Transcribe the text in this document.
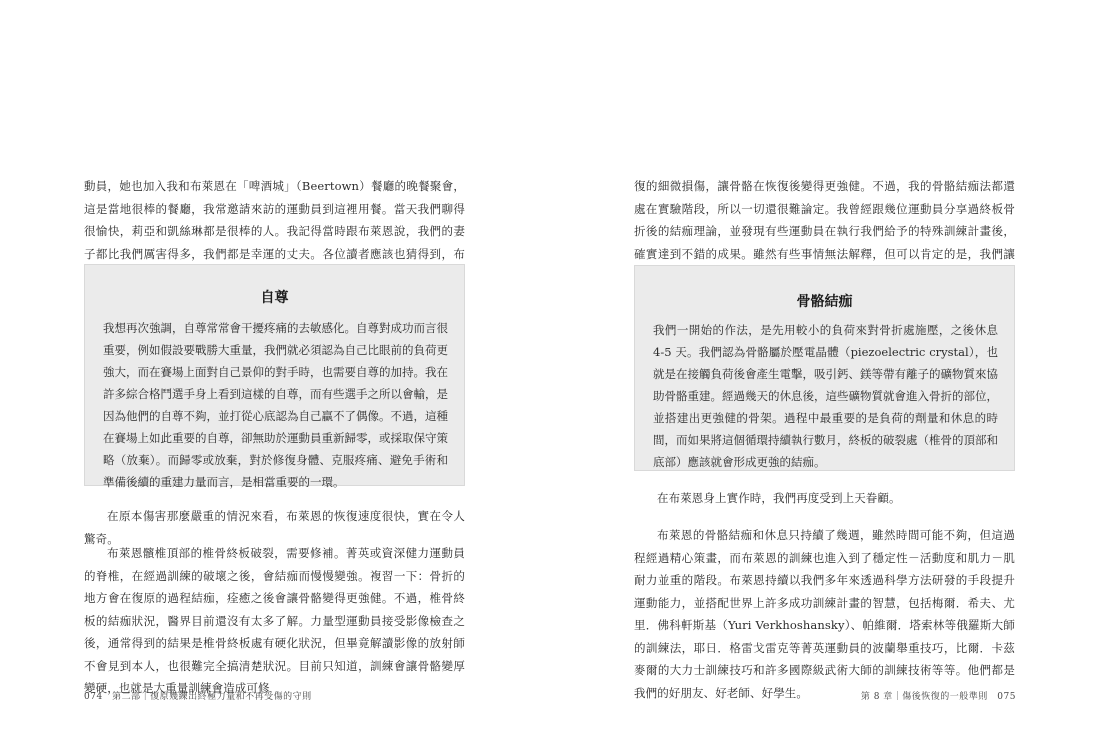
動員，她也加入我和布萊恩在「啤酒城」（Beertown）餐廳的晚餐聚會，這是當地很棒的餐廳，我常邀請來訪的運動員到這裡用餐。當天我們聊得很愉快，莉亞和凱絲琳都是很棒的人。我記得當時跟布萊恩說，我們的妻子都比我們厲害得多，我們都是幸運的丈夫。各位讀者應該也猜得到，布

自尊

我想再次強調，自尊常常會干擾疼痛的去敏感化。自尊對成功而言很重要，例如假設要戰勝大重量，我們就必須認為自己比眼前的負荷更強大，而在賽場上面對自己景仰的對手時，也需要自尊的加持。我在許多綜合格鬥選手身上看到這樣的自尊，而有些選手之所以會輸，是因為他們的自尊不夠，並打從心底認為自己贏不了偶像。不過，這種在賽場上如此重要的自尊，卻無助於運動員重新歸零，或採取保守策略（放棄）。而歸零或放棄，對於修復身體、克服疼痛、避免手術和準備後續的重建力量而言，是相當重要的一環。

在原本傷害那麼嚴重的情況來看，布萊恩的恢復速度很快，實在令人驚奇。

布萊恩髕椎頂部的椎骨終板破裂，需要修補。菁英或資深健力運動員的脊椎，在經過訓練的破壞之後，會結痂而慢慢變強。複習一下：骨折的地方會在復原的過程結痂，痊癒之後會讓骨骼變得更強健。不過，椎骨終板的結痂狀況，醫界目前還沒有太多了解。力量型運動員接受影像檢查之後，通常得到的結果是椎骨終板處有硬化狀況，但畢竟解讀影像的放射師不會見到本人，也很難完全搞清楚狀況。目前只知道，訓練會讓骨骼變厚變硬，也就是大重量訓練會造成可修

074　第二部｜復原幾練出終極力量和不再受傷的守則

復的細微損傷，讓骨骼在恢復後變得更強健。不過，我的骨骼結痂法都還處在實驗階段，所以一切還很難論定。我曾經跟幾位運動員分享過終板骨折後的結痂理論，並發現有些運動員在執行我們給予的特殊訓練計畫後，確實達到不錯的成果。雖然有些事情無法解釋，但可以肯定的是，我們讓

骨骼結痂

我們一開始的作法，是先用較小的負荷來對骨折處施壓，之後休息 4-5 天。我們認為骨骼屬於壓電晶體（piezoelectric crystal），也就是在接觸負荷後會產生電擊，吸引鈣、鎂等帶有離子的礦物質來協助骨骼重建。經過幾天的休息後，這些礦物質就會進入骨折的部位，並搭建出更強健的骨架。過程中最重要的是負荷的劑量和休息的時間，而如果將這個循環持續執行數月，終板的破裂處（椎骨的頂部和底部）應該就會形成更強的結痂。

在布萊恩身上實作時，我們再度受到上天眷顧。

布萊恩的骨骼結痂和休息只持續了幾週，雖然時間可能不夠，但這過程經過精心策畫，而布萊恩的訓練也進入到了穩定性－活動度和肌力－肌耐力並重的階段。布萊恩持續以我們多年來透過科學方法研發的手段提升運動能力，並搭配世界上許多成功訓練計畫的智慧，包括梅爾．希夫、尤里．佛科軒斯基（Yuri Verkhoshansky）、帕維爾．塔索林等俄羅斯大師的訓練法，耶日．格雷戈雷克等菁英運動員的波蘭舉重技巧，比爾．卡茲麥爾的大力士訓練技巧和許多國際級武術大師的訓練技術等等。他們都是我們的好朋友、好老師、好學生。	第 8 章｜傷後恢復的一般準則　075
